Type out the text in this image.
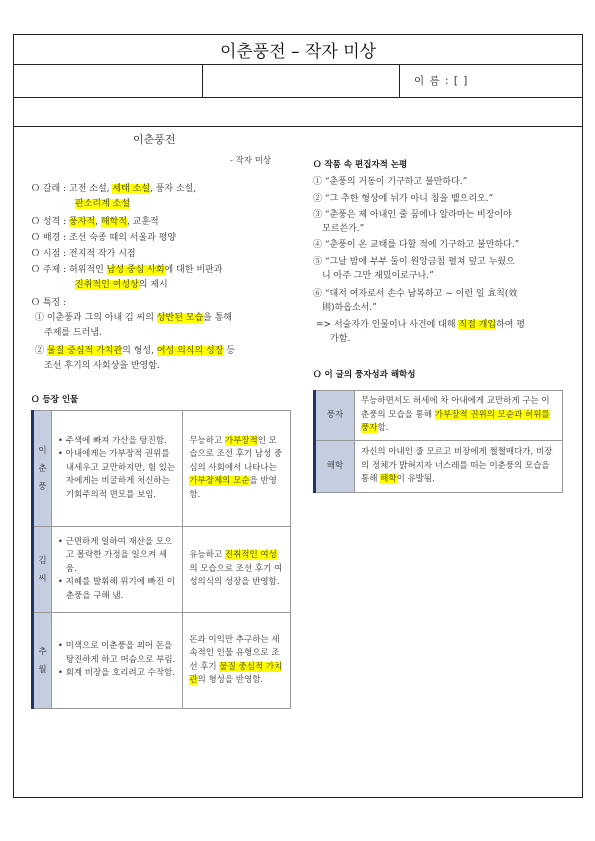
이춘풍전 – 작자 미상
이 름 : [ ]
이춘풍전
- 작자 미상
Ｏ 갈래 : 고전 소설, 세태 소설, 풍자 소설,
판소리계 소설
Ｏ 성격 : 풍자적, 해학적, 교훈적
Ｏ 배경 : 조선 숙종 때의 서울과 평양
Ｏ 시점 : 전지적 작가 시점
Ｏ 주제 : 허위적인 남성 중심 사회에 대한 비판과
진취적인 여성상의 제시
Ｏ 특징 :
① 이춘풍과 그의 아내 김 씨의 상반된 모습을 통해
주제를 드러냄.
② 물질 중심적 가치관의 형성, 여성 의식의 성장 등
조선 후기의 사회상을 반영함.
Ｏ 등장 인물
이춘풍	• 주색에 빠져 가산을 탕진함.
• 아내에게는 가부장적 권위를 내세우고 교만하지만, 힘 있는 자에게는 비굴하게 처신하는 기회주의적 면모를 보임.	무능하고 가부장적인 모습으로 조선 후기 남성 중심의 사회에서 나타나는 가부장제의 모순을 반영함.
김씨	• 근면하게 일하여 재산을 모으고 몰락한 가정을 일으켜 세움.
• 지혜를 발휘해 위기에 빠진 이춘풍을 구해 냄.	유능하고 진취적인 여성의 모습으로 조선 후기 여성의식의 성장을 반영함.
추월	• 미색으로 이춘풍을 꾀어 돈을 탕진하게 하고 머슴으로 부림.
• 회계 비장을 호리려고 수작함.	돈과 이익만 추구하는 세속적인 인물 유형으로 조선 후기 물질 중심적 가치관의 형성을 반영함.
Ｏ 작품 속 편집자적 논평
① “춘풍의 거동이 기구하고 불만하다.”
② “그 추한 형상에 뉘가 아니 침을 뱉으리오.”
③ “춘풍은 제 아내인 줄 꿈에나 알라마는 비장이야
모르쓴가.”
④ “춘풍이 온 교태를 다할 적에 기구하고 불만하다.”
⑤ “그날 밤에 부부 둘이 원앙금침 펼쳐 덮고 누웠으
니 아주 그만 재밌이로구나.”
⑥ “대저 여자로서 손수 남복하고 ~ 이런 일 효칙(效
則)하옵소서.”
=> 서술자가 인물이나 사건에 대해 직접 개입하여 평
가함.
Ｏ 이 글의 풍자성과 해학성
풍자	무능하면서도 허세에 차 아내에게 교만하게 구는 이춘풍의 모습을 통해 가부장적 권위의 모순과 허위를 풍자함.
해학	자신의 아내인 줄 모르고 비장에게 쩔쩔매다가, 비장의 정체가 밝혀지자 너스레를 떠는 이춘풍의 모습을 통해 해학이 유발됨.
